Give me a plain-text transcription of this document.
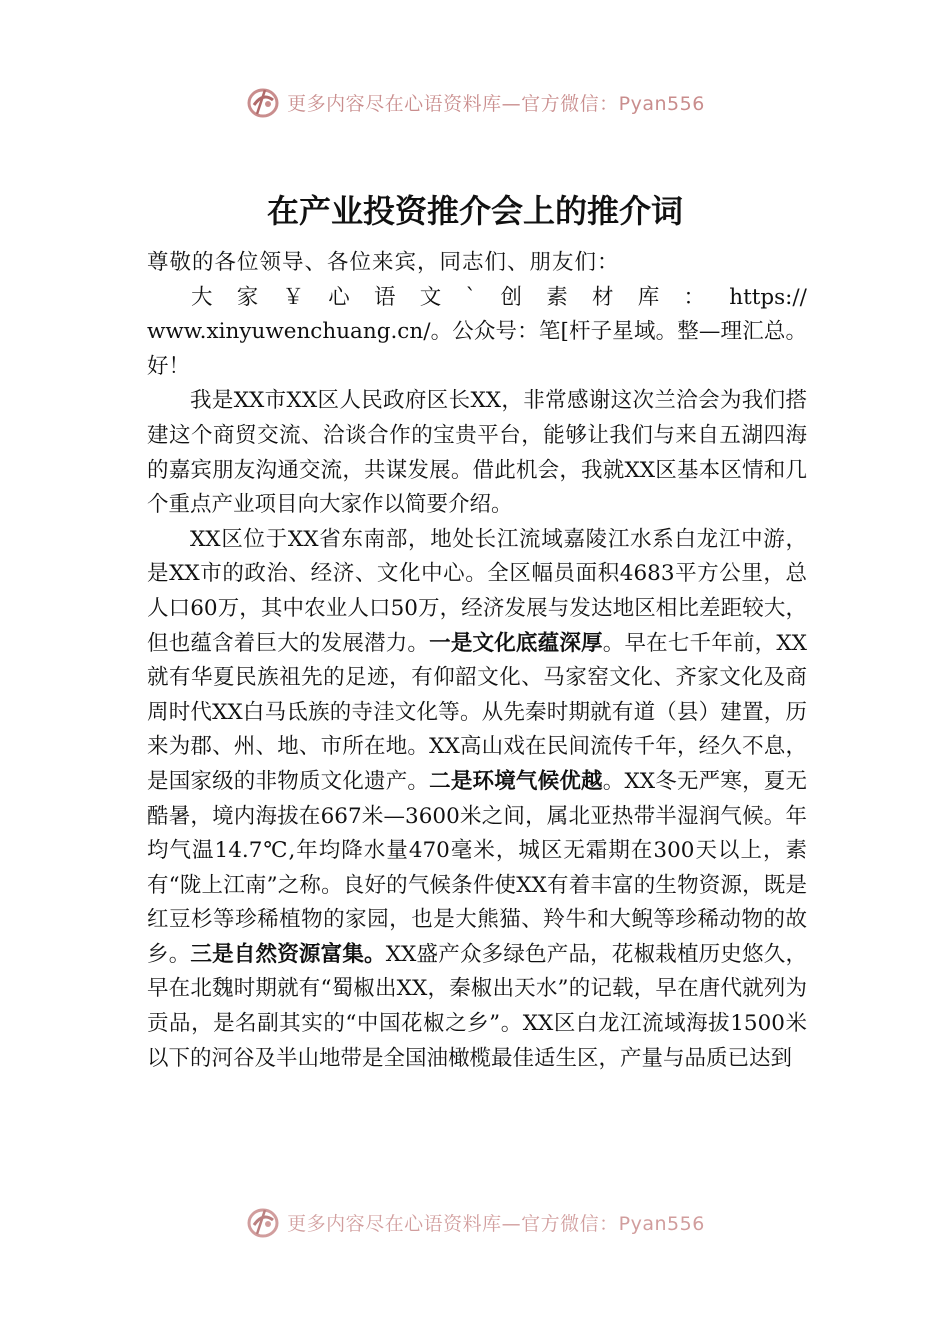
更多内容尽在心语资料库—官方微信：Pyan556
在产业投资推介会上的推介词

尊敬的各位领导、各位来宾，同志们、朋友们：

大 家 ￥ 心 语 文 ` 创 素 材 库 ： https://

www.xinyuwenchuang.cn/。公众号：笔[杆子星域。整—理汇总。好！

我是XX市XX区人民政府区长XX，非常感谢这次兰洽会为我们搭建这个商贸交流、洽谈合作的宝贵平台，能够让我们与来自五湖四海的嘉宾朋友沟通交流，共谋发展。借此机会，我就XX区基本区情和几个重点产业项目向大家作以简要介绍。

XX区位于XX省东南部，地处长江流域嘉陵江水系白龙江中游，是XX市的政治、经济、文化中心。全区幅员面积4683平方公里，总人口60万，其中农业人口50万，经济发展与发达地区相比差距较大，但也蕴含着巨大的发展潜力。一是文化底蕴深厚。早在七千年前，XX就有华夏民族祖先的足迹，有仰韶文化、马家窑文化、齐家文化及商周时代XX白马氐族的寺洼文化等。从先秦时期就有道（县）建置，历来为郡、州、地、市所在地。XX高山戏在民间流传千年，经久不息，是国家级的非物质文化遗产。二是环境气候优越。XX冬无严寒，夏无酷暑，境内海拔在667米—3600米之间，属北亚热带半湿润气候。年均气温14.7℃,年均降水量470毫米，城区无霜期在300天以上，素有“陇上江南”之称。良好的气候条件使XX有着丰富的生物资源，既是红豆杉等珍稀植物的家园，也是大熊猫、羚牛和大鲵等珍稀动物的故乡。三是自然资源富集。XX盛产众多绿色产品，花椒栽植历史悠久，早在北魏时期就有“蜀椒出XX，秦椒出天水”的记载，早在唐代就列为贡品，是名副其实的“中国花椒之乡”。XX区白龙江流域海拔1500米以下的河谷及半山地带是全国油橄榄最佳适生区，产量与品质已达到

更多内容尽在心语资料库—官方微信：Pyan556
